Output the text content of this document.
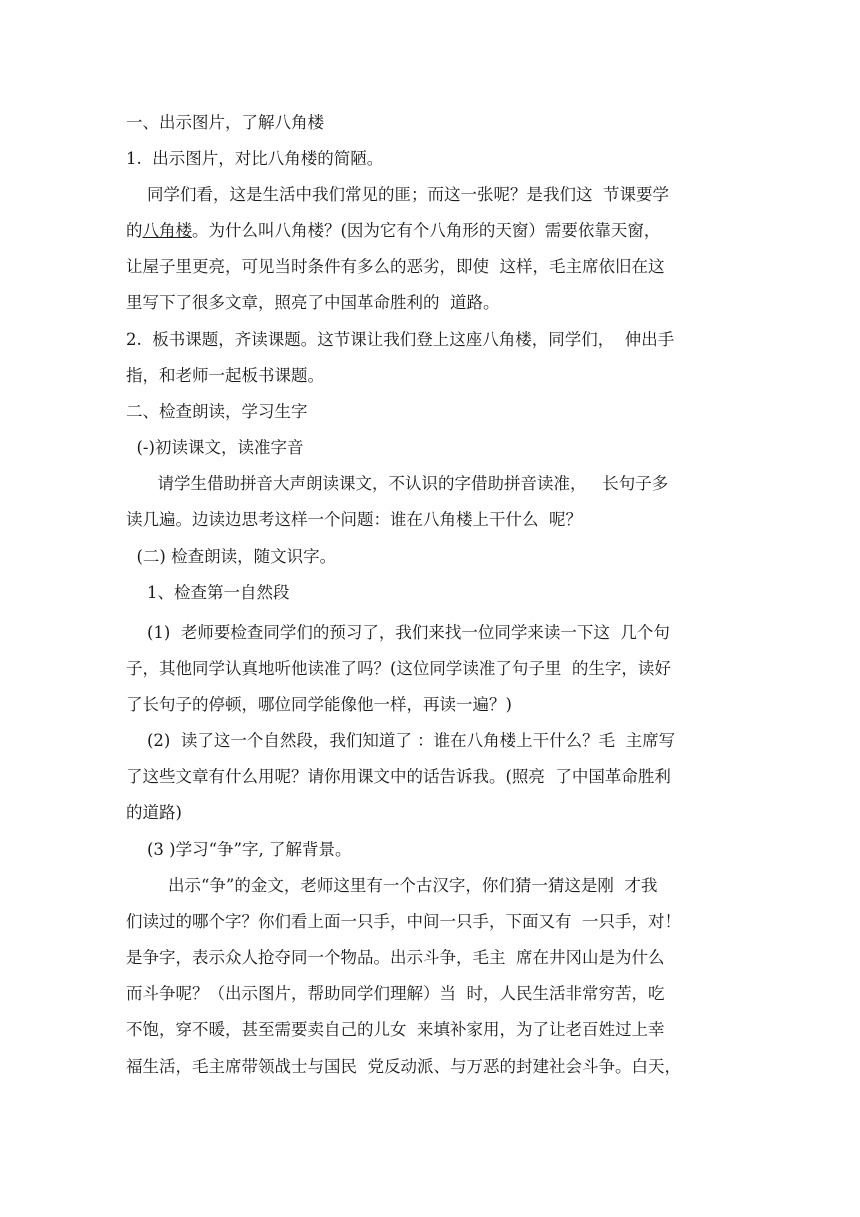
一、出示图片，了解八角楼
1.  出示图片，对比八角楼的简陋。
同学们看，这是生活中我们常见的匪；而这一张呢？是我们这  节课要学
的八角楼。为什么叫八角楼？(因为它有个八角形的天窗）需要依靠天窗，
让屋子里更亮，可见当时条件有多么的恶劣，即使  这样，毛主席依旧在这
里写下了很多文章，照亮了中国革命胜利的  道路。
2.  板书课题，齐读课题。这节课让我们登上这座八角楼，同学们，  伸出手
指，和老师一起板书课题。
二、检查朗读，学习生字
(-)初读课文，读准字音
请学生借助拼音大声朗读课文，不认识的字借助拼音读准，   长句子多
读几遍。边读边思考这样一个问题：谁在八角楼上干什么  呢？
(二) 检查朗读，随文识字。
1、检查第一自然段
(1)  老师要检查同学们的预习了，我们来找一位同学来读一下这  几个句
子，其他同学认真地听他读准了吗？(这位同学读准了句子里  的生字，读好
了长句子的停顿，哪位同学能像他一样，再读一遍？)
(2)  读了这一个自然段，我们知道了 ：谁在八角楼上干什么？毛  主席写
了这些文章有什么用呢？请你用课文中的话告诉我。(照亮  了中国革命胜利
的道路)
(3 )学习“争”字, 了解背景。
出示“争”的金文，老师这里有一个古汉字，你们猜一猜这是刚  才我
们读过的哪个字？你们看上面一只手，中间一只手，下面又有  一只手，对！
是争字，表示众人抢夺同一个物品。出示斗争，毛主  席在井冈山是为什么
而斗争呢？（出示图片，帮助同学们理解）当  时，人民生活非常穷苦，吃
不饱，穿不暖，甚至需要卖自己的儿女  来填补家用，为了让老百姓过上幸
福生活，毛主席带领战士与国民  党反动派、与万恶的封建社会斗争。白天，
